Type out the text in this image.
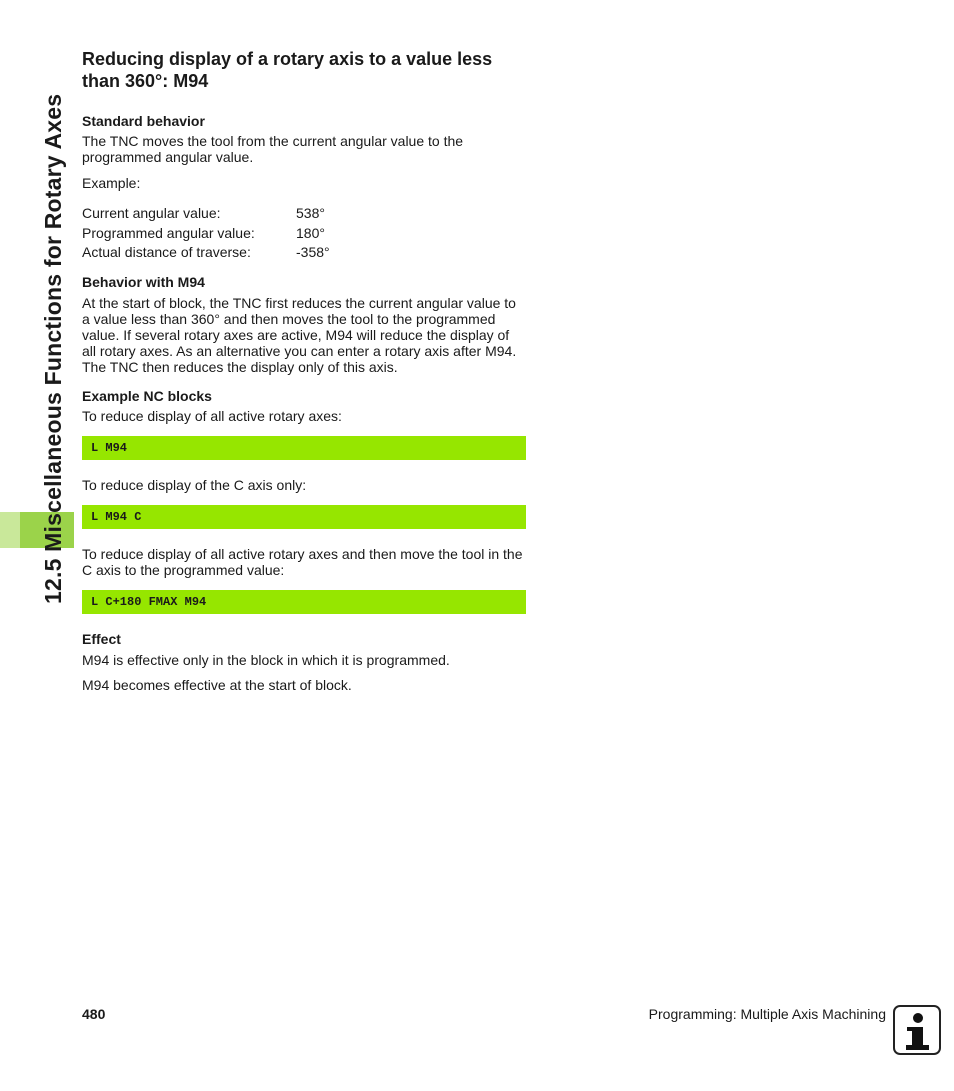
12.5 Miscellaneous Functions for Rotary Axes
Reducing display of a rotary axis to a value less than 360°: M94
Standard behavior

The TNC moves the tool from the current angular value to the programmed angular value.

Example:

Current angular value:	538°
Programmed angular value:	180°
Actual distance of traverse:	-358°
Behavior with M94

At the start of block, the TNC first reduces the current angular value to a value less than 360° and then moves the tool to the programmed value. If several rotary axes are active, M94 will reduce the display of all rotary axes. As an alternative you can enter a rotary axis after M94. The TNC then reduces the display only of this axis.

Example NC blocks

To reduce display of all active rotary axes:

L M94

To reduce display of the C axis only:

L M94 C

To reduce display of all active rotary axes and then move the tool in the C axis to the programmed value:

L C+180 FMAX M94
Effect

M94 is effective only in the block in which it is programmed.

M94 becomes effective at the start of block.

480	Programming: Multiple Axis Machining
